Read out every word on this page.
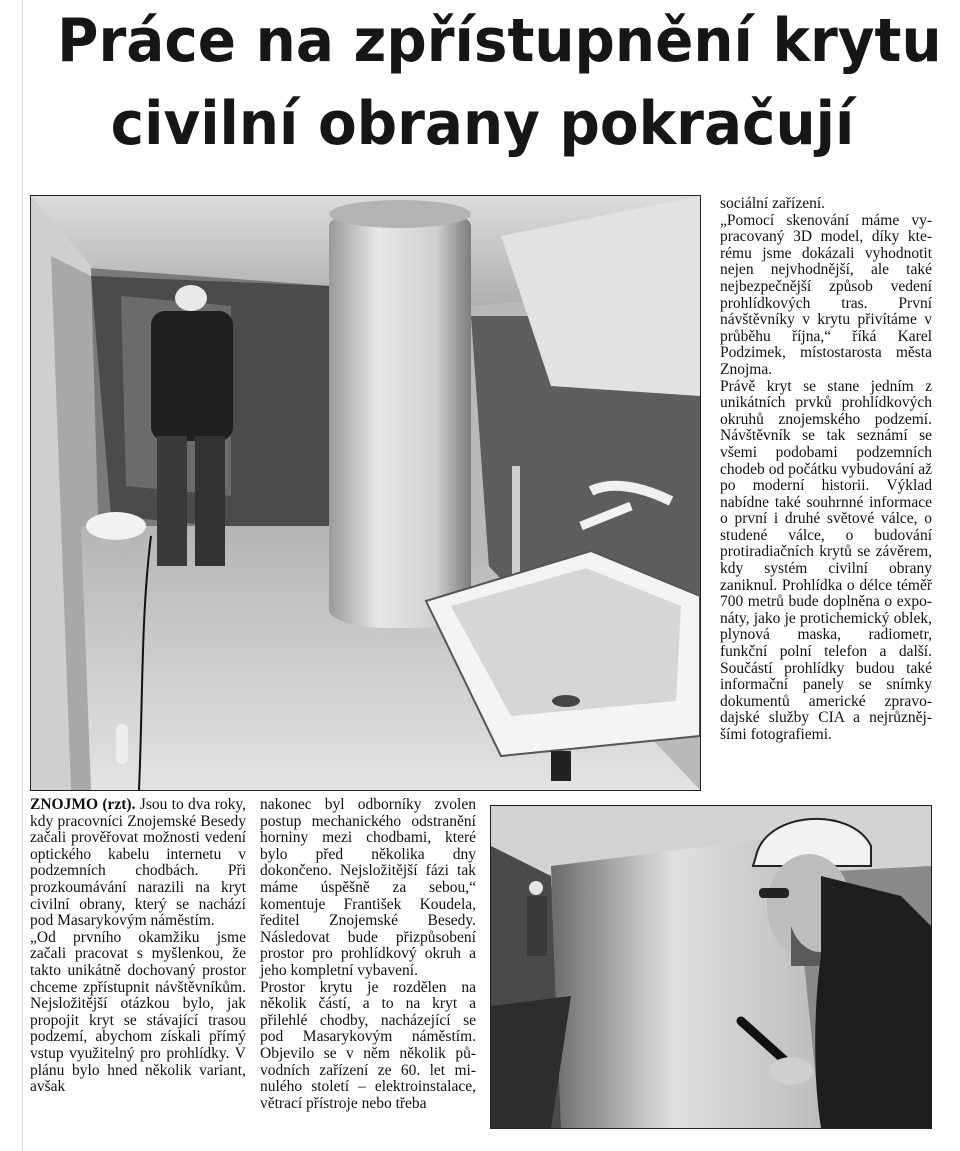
Práce na zpřístupnění krytu
civilní obrany pokračují

sociální zařízení.

„Pomocí skenování máme vypracovaný 3D model, díky kterému jsme dokázali vyhodnotit nejen nejvhodnější, ale také nejbezpečnější způsob vedení prohlídkových tras. První návštěvníky v krytu přivítáme v průběhu října,“ říká Karel Podzimek, místostarosta města Znojma.

Právě kryt se stane jedním z unikátních prvků prohlídkových okruhů znojemského podzemí. Návštěvník se tak seznámí se všemi podobami podzemních chodeb od počátku vybudování až po moderní historii. Výklad nabídne také souhrnné informace o první i druhé světové válce, o studené válce, o budování protiradiačních krytů se závěrem, kdy systém civilní obrany zaniknul. Prohlídka o délce téměř 700 metrů bude doplněna o exponáty, jako je protichemický oblek, plynová maska, radiometr, funkční polní telefon a další. Součástí prohlídky budou také informační panely se snímky dokumentů americké zpravodajské služby CIA a nejrůznějšími fotografiemi.

ZNOJMO (rzt). Jsou to dva roky, kdy pracovníci Znojemské Besedy začali prověřovat možnosti vedení optického kabelu internetu v podzemních chodbách. Při prozkoumávání narazili na kryt civilní obrany, který se nachází pod Masarykovým náměstím.

„Od prvního okamžiku jsme začali pracovat s myšlenkou, že takto unikátně dochovaný prostor chceme zpřístupnit návštěvníkům. Nejsložitější otázkou bylo, jak propojit kryt se stávající trasou podzemí, abychom získali přímý vstup využitelný pro prohlídky. V plánu bylo hned několik variant, avšak

nakonec byl odborníky zvolen postup mechanického odstranění horniny mezi chodbami, které bylo před několika dny dokončeno. Nejsložitější fázi tak máme úspěšně za sebou,“ komentuje František Koudela, ředitel Znojemské Besedy. Následovat bude přizpůsobení prostor pro prohlídkový okruh a jeho kompletní vybavení.

Prostor krytu je rozdělen na několik částí, a to na kryt a přilehlé chodby, nacházející se pod Masarykovým náměstím. Objevilo se v něm několik původních zařízení ze 60. let minulého století – elektroinstalace, větrací přístroje nebo třeba
